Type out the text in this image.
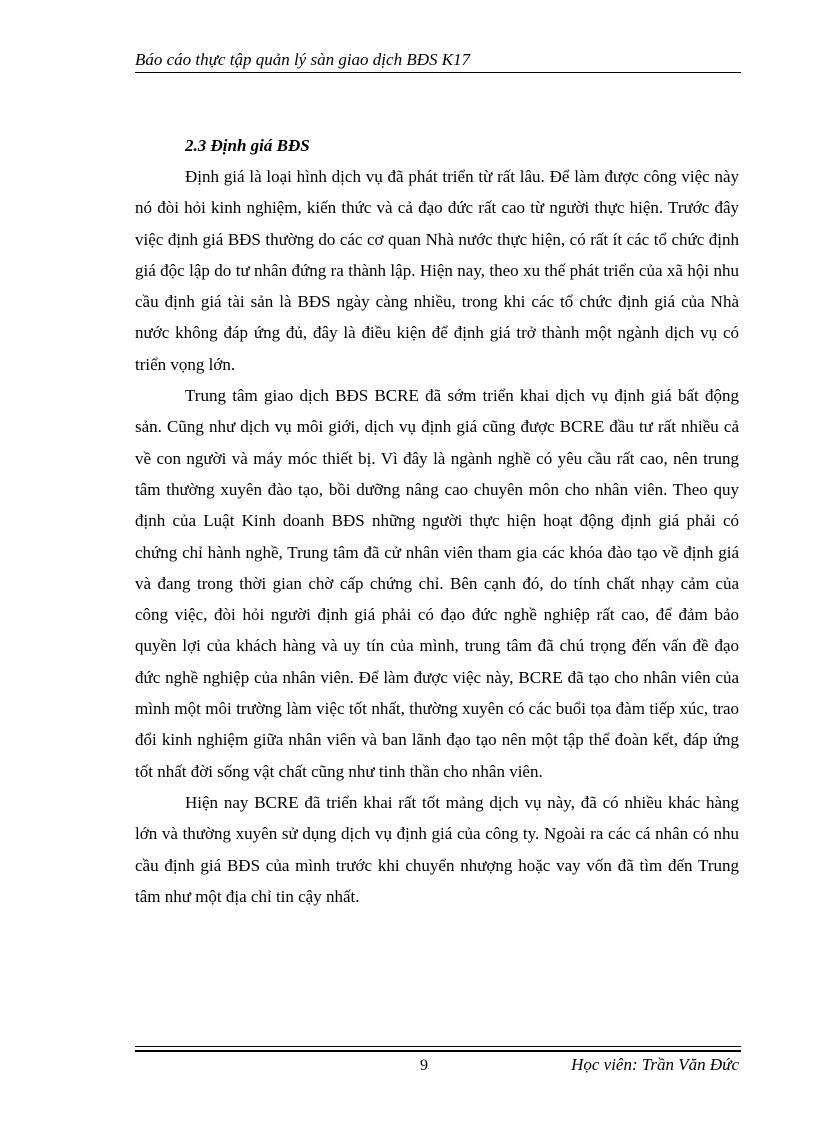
Báo cáo thực tập quản lý sàn giao dịch BĐS K17
2.3 Định giá BĐS

Định giá là loại hình dịch vụ đã phát triển từ rất lâu. Để làm được công việc này nó đòi hỏi kinh nghiệm, kiến thức và cả đạo đức rất cao từ người thực hiện. Trước đây việc định giá BĐS thường do các cơ quan Nhà nước thực hiện, có rất ít các tổ chức định giá độc lập do tư nhân đứng ra thành lập. Hiện nay, theo xu thế phát triển của xã hội nhu cầu định giá tài sản là BĐS ngày càng nhiều, trong khi các tổ chức định giá của Nhà nước không đáp ứng đủ, đây là điều kiện để định giá trở thành một ngành dịch vụ có triển vọng lớn.

Trung tâm giao dịch BĐS BCRE đã sớm triển khai dịch vụ định giá bất động sản. Cũng như dịch vụ môi giới, dịch vụ định giá cũng được BCRE đầu tư rất nhiều cả về con người và máy móc thiết bị. Vì đây là ngành nghề có yêu cầu rất cao, nên trung tâm thường xuyên đào tạo, bồi dưỡng nâng cao chuyên môn cho nhân viên. Theo quy định của Luật Kinh doanh BĐS những người thực hiện hoạt động định giá phải có chứng chỉ hành nghề, Trung tâm đã cử nhân viên tham gia các khóa đào tạo về định giá và đang trong thời gian chờ cấp chứng chỉ. Bên cạnh đó, do tính chất nhạy cảm của công việc, đòi hỏi người định giá phải có đạo đức nghề nghiệp rất cao, để đảm bảo quyền lợi của khách hàng và uy tín của mình, trung tâm đã chú trọng đến vấn đề đạo đức nghề nghiệp của nhân viên. Để làm được việc này, BCRE đã tạo cho nhân viên của mình một môi trường làm việc tốt nhất, thường xuyên có các buổi tọa đàm tiếp xúc, trao đổi kinh nghiệm giữa nhân viên và ban lãnh đạo tạo nên một tập thể đoàn kết, đáp ứng tốt nhất đời sống vật chất cũng như tinh thần cho nhân viên.

Hiện nay BCRE đã triển khai rất tốt mảng dịch vụ này, đã có nhiều khác hàng lớn và thường xuyên sử dụng dịch vụ định giá của công ty. Ngoài ra các cá nhân có nhu cầu định giá BĐS của mình trước khi chuyển nhượng hoặc vay vốn đã tìm đến Trung tâm như một địa chỉ tin cậy nhất.

9	Học viên: Trần Văn Đức
